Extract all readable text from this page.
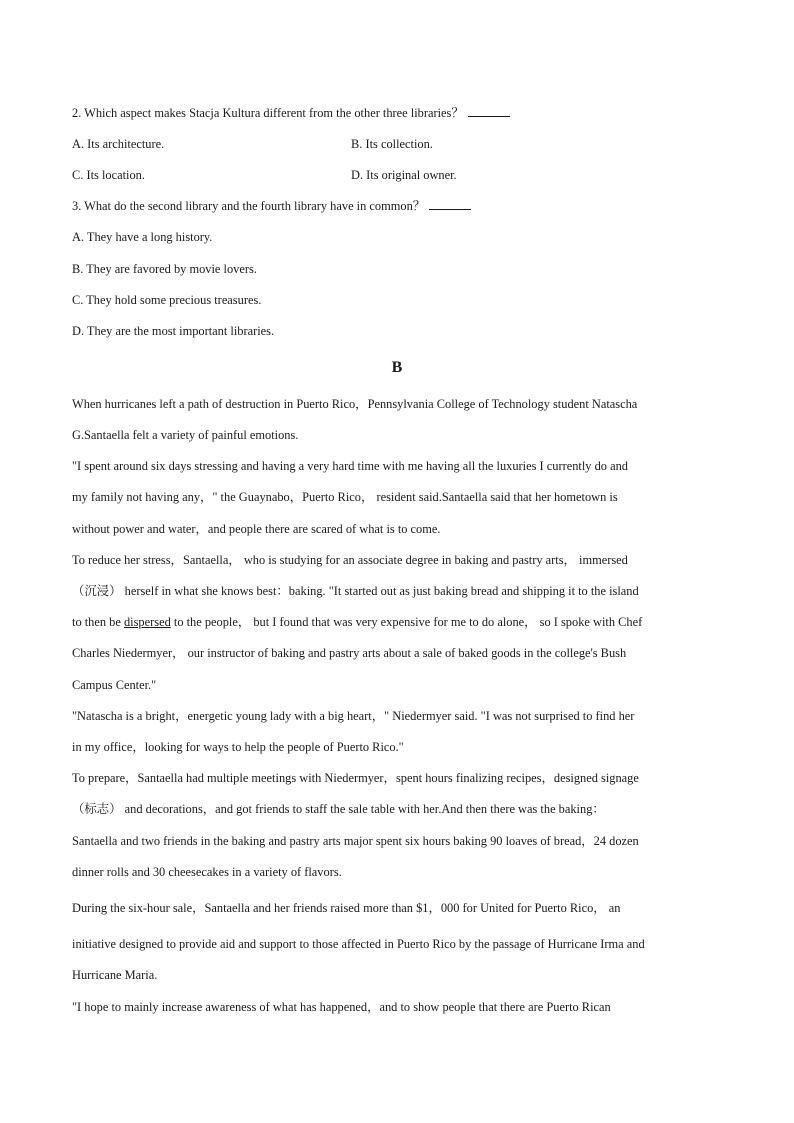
2. Which aspect makes Stacja Kultura different from the other three libraries？
A. Its architecture.	B. Its collection.
C. Its location.	D. Its original owner.
3. What do the second library and the fourth library have in common？
A. They have a long history.
B. They are favored by movie lovers.
C. They hold some precious treasures.
D. They are the most important libraries.
B
When hurricanes left a path of destruction in Puerto Rico，Pennsylvania College of Technology student Natascha
G.Santaella felt a variety of painful emotions.
"I spent around six days stressing and having a very hard time with me having all the luxuries I currently do and
my family not having any，" the Guaynabo，Puerto Rico， resident said.Santaella said that her hometown is
without power and water，and people there are scared of what is to come.
To reduce her stress，Santaella， who is studying for an associate degree in baking and pastry arts， immersed
（沉浸） herself in what she knows best：baking. "It started out as just baking bread and shipping it to the island
to then be dispersed to the people， but I found that was very expensive for me to do alone， so I spoke with Chef
Charles Niedermyer， our instructor of baking and pastry arts about a sale of baked goods in the college's Bush
Campus Center."
"Natascha is a bright，energetic young lady with a big heart，" Niedermyer said. "I was not surprised to find her
in my office，looking for ways to help the people of Puerto Rico."
To prepare，Santaella had multiple meetings with Niedermyer，spent hours finalizing recipes，designed signage
（标志） and decorations，and got friends to staff the sale table with her.And then there was the baking：
Santaella and two friends in the baking and pastry arts major spent six hours baking 90 loaves of bread，24 dozen
dinner rolls and 30 cheesecakes in a variety of flavors.
During the six-hour sale，Santaella and her friends raised more than $1，000 for United for Puerto Rico， an
initiative designed to provide aid and support to those affected in Puerto Rico by the passage of Hurricane Irma and
Hurricane Maria.
"I hope to mainly increase awareness of what has happened，and to show people that there are Puerto Rican
